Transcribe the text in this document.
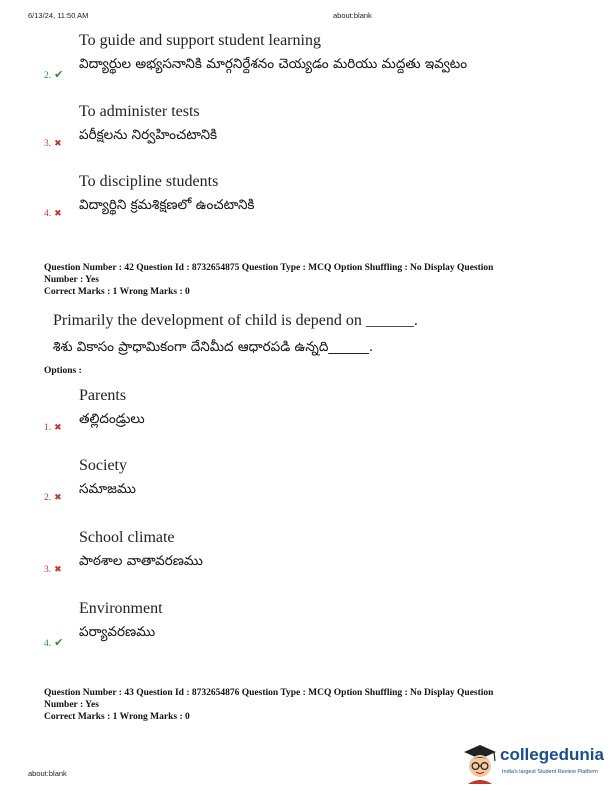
6/13/24, 11:50 AM	about:blank
To guide and support student learning
విద్యార్థుల అభ్యసనానికి మార్గనిర్దేశనం చెయ్యడం మరియు మద్దతు ఇవ్వటం
2. ✔
To administer tests
పరీక్షలను నిర్వహించటానికి
3. ✖
To discipline students
విద్యార్థిని క్రమశిక్షణలో ఉంచటానికి
4. ✖
Question Number : 42 Question Id : 8732654875 Question Type : MCQ Option Shuffling : No Display Question
Number : Yes
Correct Marks : 1 Wrong Marks : 0
Primarily the development of child is depend on ______.
శిశు వికాసం ప్రాధామికంగా దేనిమీద ఆధారపడి ఉన్నది______.
Options :
Parents
తల్లిదండ్రులు
1. ✖
Society
సమాజము
2. ✖
School climate
పాఠశాల వాతావరణము
3. ✖
Environment
పర్యావరణము
4. ✔
Question Number : 43 Question Id : 8732654876 Question Type : MCQ Option Shuffling : No Display Question
Number : Yes
Correct Marks : 1 Wrong Marks : 0
about:blank
collegedunia
India's largest Student Review Platform
